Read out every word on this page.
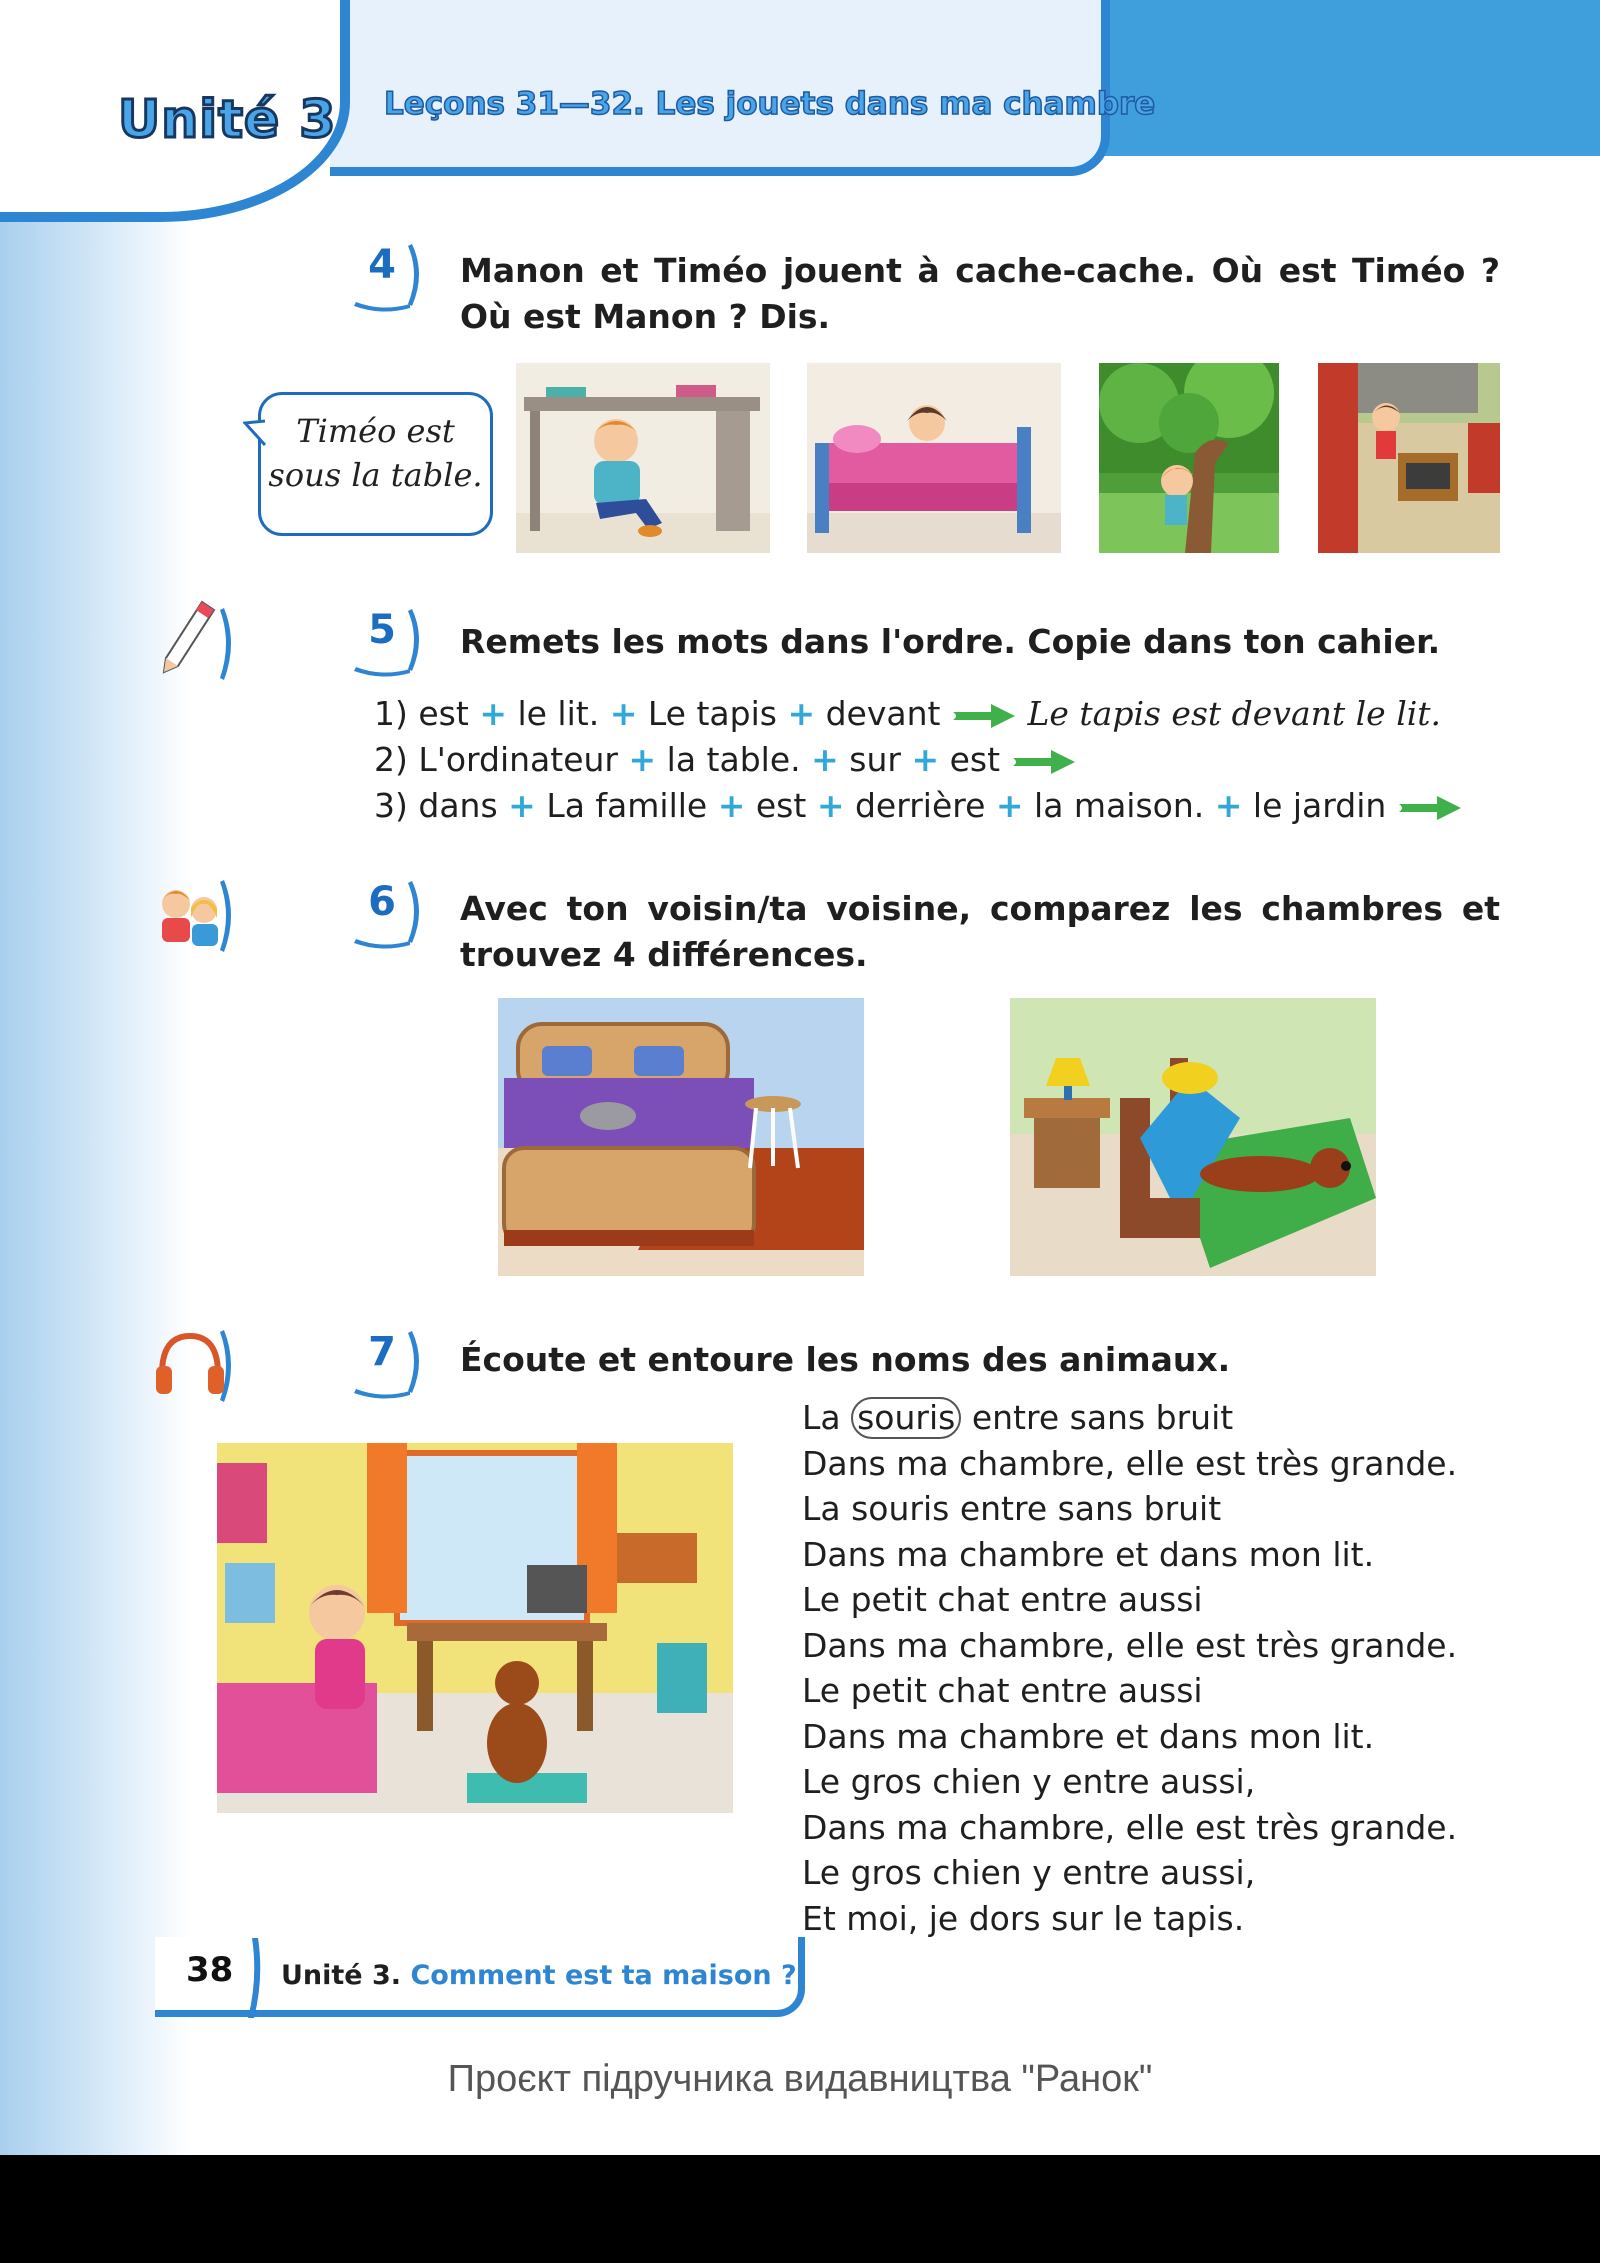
Unité 3 Leçons 31—32. Les jouets dans ma chambre
4	Manon et Timéo jouent à cache-cache. Où est Timéo ? Où est Manon ? Dis.
Timéo est sous la table.
5	Remets les mots dans l'ordre. Copie dans ton cahier.
1) est + le lit. + Le tapis + devant	Le tapis est devant le lit.
2) L'ordinateur + la table. + sur + est
3) dans + La famille + est + derrière + la maison. + le jardin
6	Avec ton voisin/ta voisine, comparez les chambres et trouvez 4 différences.
7	Écoute et entoure les noms des animaux.
La souris entre sans bruit
Dans ma chambre, elle est très grande.
La souris entre sans bruit
Dans ma chambre et dans mon lit.
Le petit chat entre aussi
Dans ma chambre, elle est très grande.
Le petit chat entre aussi
Dans ma chambre et dans mon lit.
Le gros chien y entre aussi,
Dans ma chambre, elle est très grande.
Le gros chien y entre aussi,
Et moi, je dors sur le tapis.
38 Unité 3. Comment est ta maison ?
Проєкт підручника видавництва "Ранок"
